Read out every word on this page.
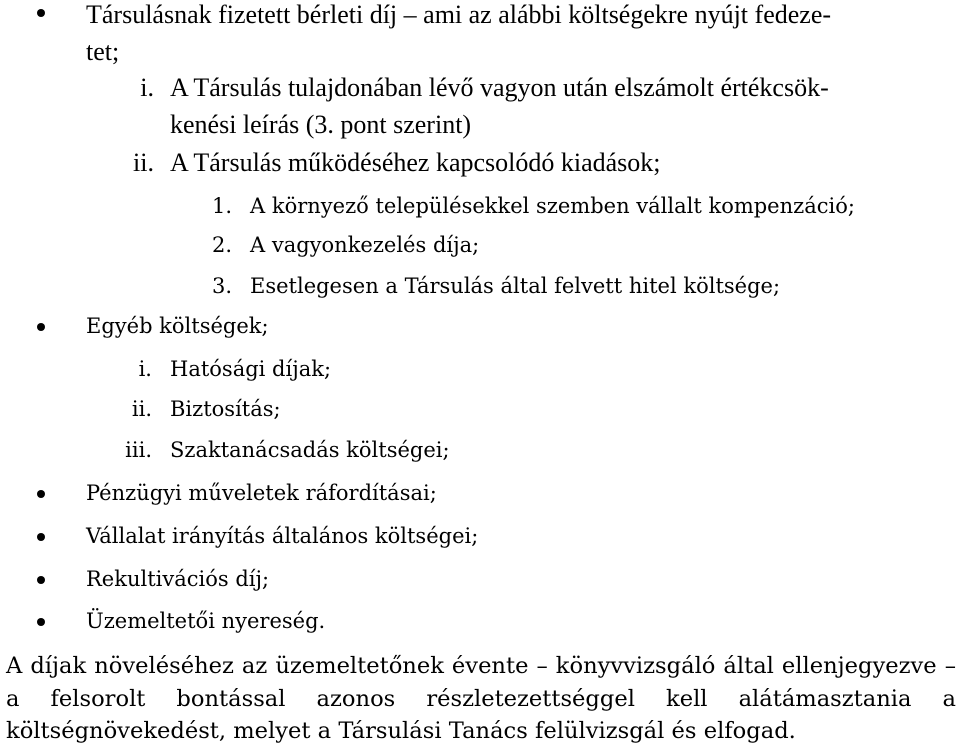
Társulásnak fizetett bérleti díj – ami az alábbi költségekre nyújt fedeze-
tet;
i. A Társulás tulajdonában lévő vagyon után elszámolt értékcsök-
kenési leírás (3. pont szerint)
ii. A Társulás működéséhez kapcsolódó kiadások;
1. A környező településekkel szemben vállalt kompenzáció;
2. A vagyonkezelés díja;
3. Esetlegesen a Társulás által felvett hitel költsége;
Egyéb költségek;
i. Hatósági díjak;
ii. Biztosítás;
iii. Szaktanácsadás költségei;
Pénzügyi műveletek ráfordításai;
Vállalat irányítás általános költségei;
Rekultivációs díj;
Üzemeltetői nyereség.
A díjak növeléséhez az üzemeltetőnek évente – könyvvizsgáló által ellenjegyezve – a felsorolt bontással azonos részletezettséggel kell alátámasztania a költségnövekedést, melyet a Társulási Tanács felülvizsgál és elfogad.
